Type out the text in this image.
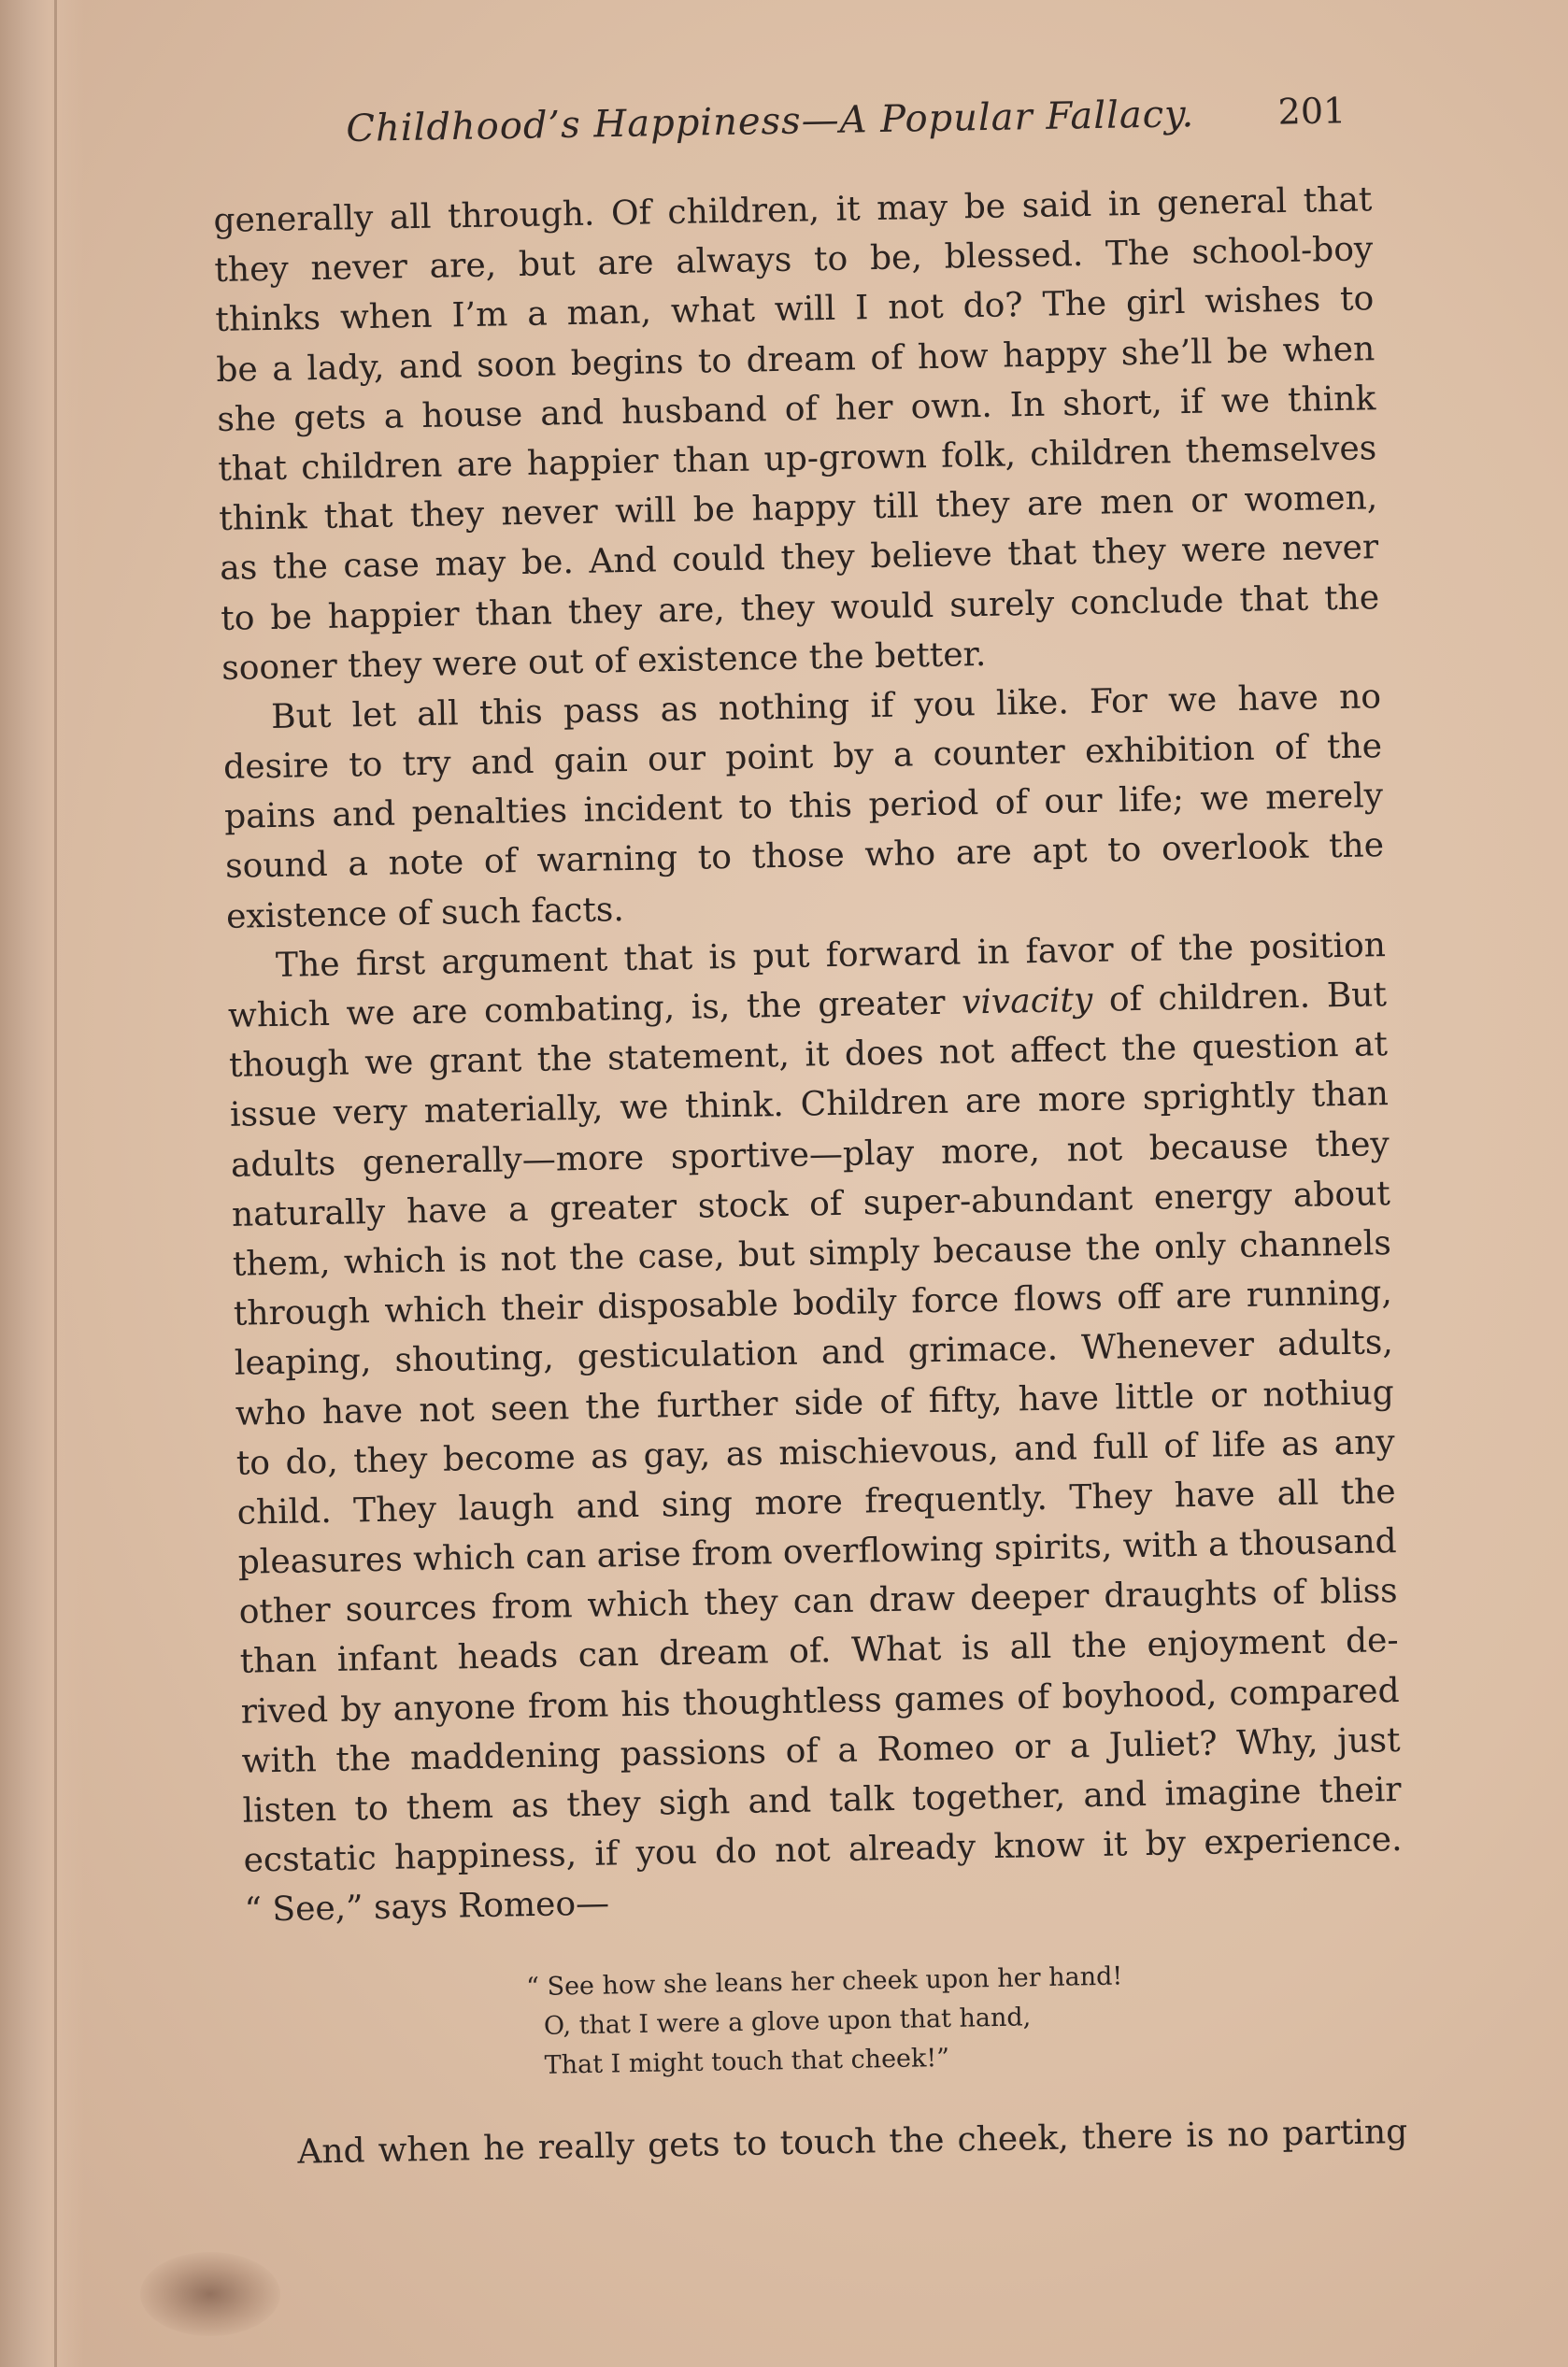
Childhood’s Happiness—A Popular Fallacy. 201
generally all through. Of children, it may be said in general that
they never are, but are always to be, blessed. The school-boy
thinks when I’m a man, what will I not do? The girl wishes to
be a lady, and soon begins to dream of how happy she’ll be when
she gets a house and husband of her own. In short, if we think
that children are happier than up-grown folk, children themselves
think that they never will be happy till they are men or women,
as the case may be. And could they believe that they were never
to be happier than they are, they would surely conclude that the
sooner they were out of existence the better.
But let all this pass as nothing if you like. For we have no
desire to try and gain our point by a counter exhibition of the
pains and penalties incident to this period of our life; we merely
sound a note of warning to those who are apt to overlook the
existence of such facts.
The first argument that is put forward in favor of the position
which we are combating, is, the greater vivacity of children. But
though we grant the statement, it does not affect the question at
issue very materially, we think. Children are more sprightly than
adults generally—more sportive—play more, not because they
naturally have a greater stock of super-abundant energy about
them, which is not the case, but simply because the only channels
through which their disposable bodily force flows off are running,
leaping, shouting, gesticulation and grimace. Whenever adults,
who have not seen the further side of fifty, have little or nothiug
to do, they become as gay, as mischievous, and full of life as any
child. They laugh and sing more frequently. They have all the
pleasures which can arise from overflowing spirits, with a thousand
other sources from which they can draw deeper draughts of bliss
than infant heads can dream of. What is all the enjoyment de-
rived by anyone from his thoughtless games of boyhood, compared
with the maddening passions of a Romeo or a Juliet? Why, just
listen to them as they sigh and talk together, and imagine their
ecstatic happiness, if you do not already know it by experience.
“ See,” says Romeo—
“ See how she leans her cheek upon her hand!
O, that I were a glove upon that hand,
That I might touch that cheek!”
And when he really gets to touch the cheek, there is no parting
